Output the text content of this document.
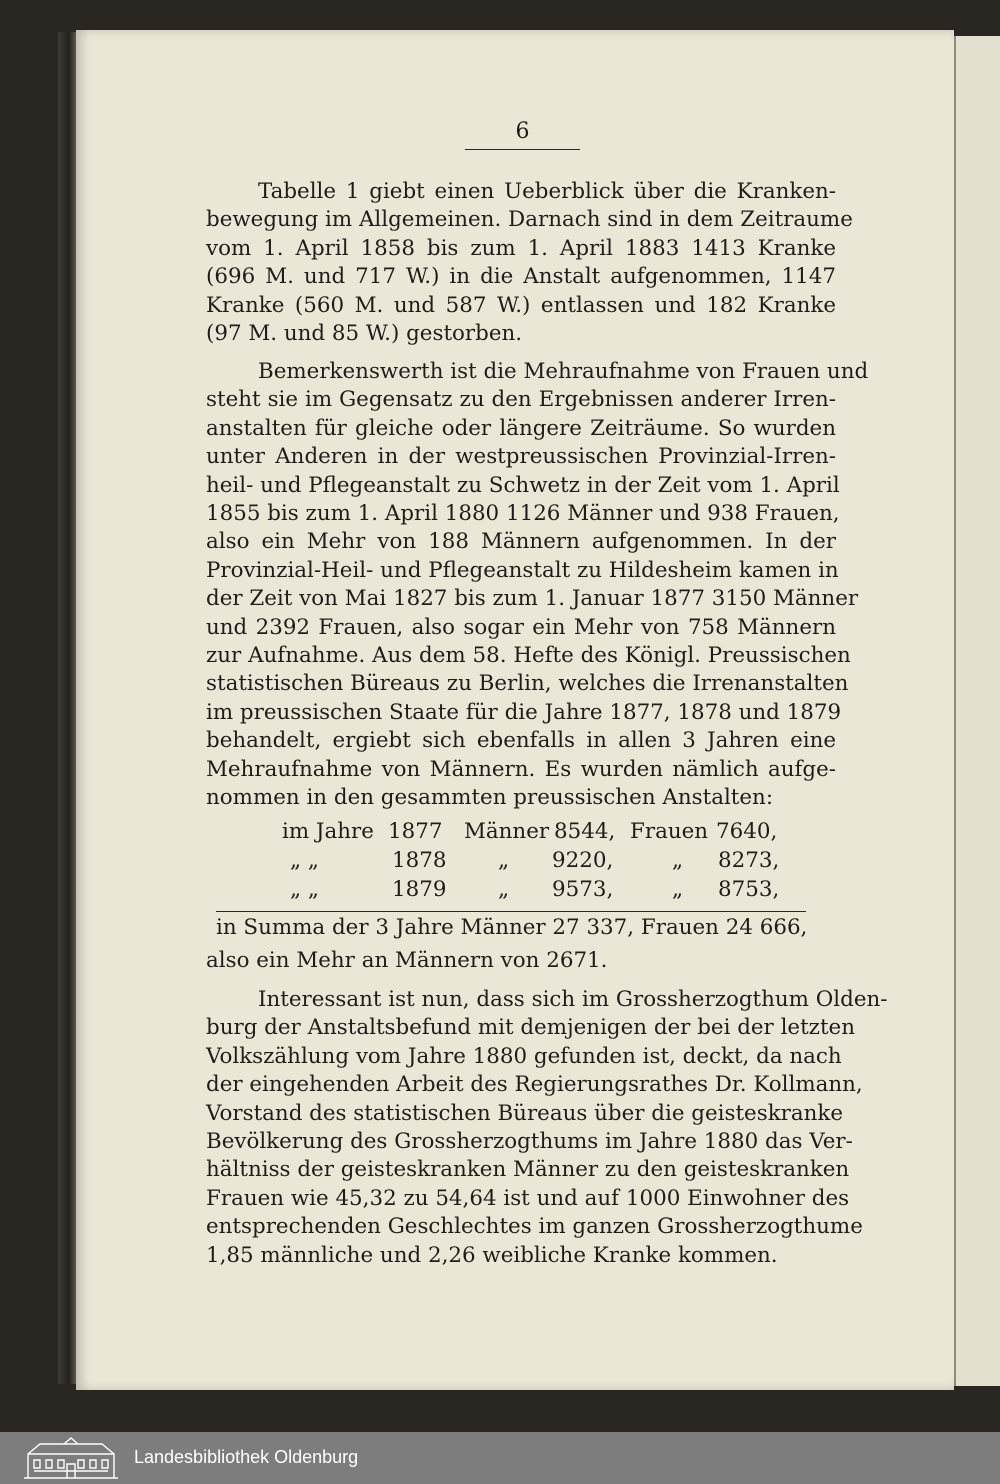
6
Tabelle 1 giebt einen Ueberblick über die Kranken-
bewegung im Allgemeinen. Darnach sind in dem Zeitraume
vom 1. April 1858 bis zum 1. April 1883 1413 Kranke
(696 M. und 717 W.) in die Anstalt aufgenommen, 1147
Kranke (560 M. und 587 W.) entlassen und 182 Kranke
(97 M. und 85 W.) gestorben.
Bemerkenswerth ist die Mehraufnahme von Frauen und
steht sie im Gegensatz zu den Ergebnissen anderer Irren-
anstalten für gleiche oder längere Zeiträume. So wurden
unter Anderen in der westpreussischen Provinzial-Irren-
heil- und Pflegeanstalt zu Schwetz in der Zeit vom 1. April
1855 bis zum 1. April 1880 1126 Männer und 938 Frauen,
also ein Mehr von 188 Männern aufgenommen. In der
Provinzial-Heil- und Pflegeanstalt zu Hildesheim kamen in
der Zeit von Mai 1827 bis zum 1. Januar 1877 3150 Männer
und 2392 Frauen, also sogar ein Mehr von 758 Männern
zur Aufnahme. Aus dem 58. Hefte des Königl. Preussischen
statistischen Büreaus zu Berlin, welches die Irrenanstalten
im preussischen Staate für die Jahre 1877, 1878 und 1879
behandelt, ergiebt sich ebenfalls in allen 3 Jahren eine
Mehraufnahme von Männern. Es wurden nämlich aufge-
nommen in den gesammten preussischen Anstalten:
im Jahre 1877 Männer 8544, Frauen 7640,
„ „	1878 „ 9220,	„ 8273,
„ „	1879 „ 9573,	„ 8753,
in Summa der 3 Jahre Männer 27 337, Frauen 24 666,
also ein Mehr an Männern von 2671.
Interessant ist nun, dass sich im Grossherzogthum Olden-
burg der Anstaltsbefund mit demjenigen der bei der letzten
Volkszählung vom Jahre 1880 gefunden ist, deckt, da nach
der eingehenden Arbeit des Regierungsrathes Dr. Kollmann,
Vorstand des statistischen Büreaus über die geisteskranke
Bevölkerung des Grossherzogthums im Jahre 1880 das Ver-
hältniss der geisteskranken Männer zu den geisteskranken
Frauen wie 45,32 zu 54,64 ist und auf 1000 Einwohner des
entsprechenden Geschlechtes im ganzen Grossherzogthume
1,85 männliche und 2,26 weibliche Kranke kommen.
Landesbibliothek Oldenburg
